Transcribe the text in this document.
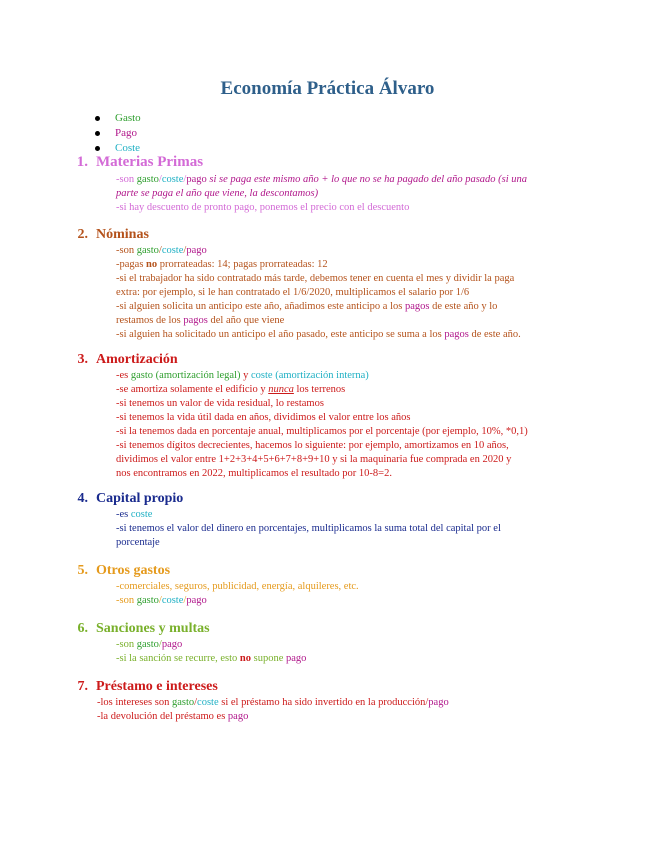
Economía Práctica Álvaro
Gasto
Pago
Coste
1. Materias Primas
-son gasto/coste/pago si se paga este mismo año + lo que no se ha pagado del año pasado (si una
parte se paga el año que viene, la descontamos)
-si hay descuento de pronto pago, ponemos el precio con el descuento
2. Nóminas
-son gasto/coste/pago
-pagas no prorrateadas: 14; pagas prorrateadas: 12
-si el trabajador ha sido contratado más tarde, debemos tener en cuenta el mes y dividir la paga
extra: por ejemplo, si le han contratado el 1/6/2020, multiplicamos el salario por 1/6
-si alguien solicita un anticipo este año, añadimos este anticipo a los pagos de este año y lo
restamos de los pagos del año que viene
-si alguien ha solicitado un anticipo el año pasado, este anticipo se suma a los pagos de este año.
3. Amortización
-es gasto (amortización legal) y coste (amortización interna)
-se amortiza solamente el edificio y nunca los terrenos
-si tenemos un valor de vida residual, lo restamos
-si tenemos la vida útil dada en años, dividimos el valor entre los años
-si la tenemos dada en porcentaje anual, multiplicamos por el porcentaje (por ejemplo, 10%, *0,1)
-si tenemos dígitos decrecientes, hacemos lo siguiente: por ejemplo, amortizamos en 10 años,
dividimos el valor entre 1+2+3+4+5+6+7+8+9+10 y si la maquinaria fue comprada en 2020 y
nos encontramos en 2022, multiplicamos el resultado por 10-8=2.
4. Capital propio
-es coste
-si tenemos el valor del dinero en porcentajes, multiplicamos la suma total del capital por el
porcentaje
5. Otros gastos
-comerciales, seguros, publicidad, energía, alquileres, etc.
-son gasto/coste/pago
6. Sanciones y multas
-son gasto/pago
-si la sanción se recurre, esto no supone pago
7. Préstamo e intereses
-los intereses son gasto/coste si el préstamo ha sido invertido en la producción/pago
-la devolución del préstamo es pago
